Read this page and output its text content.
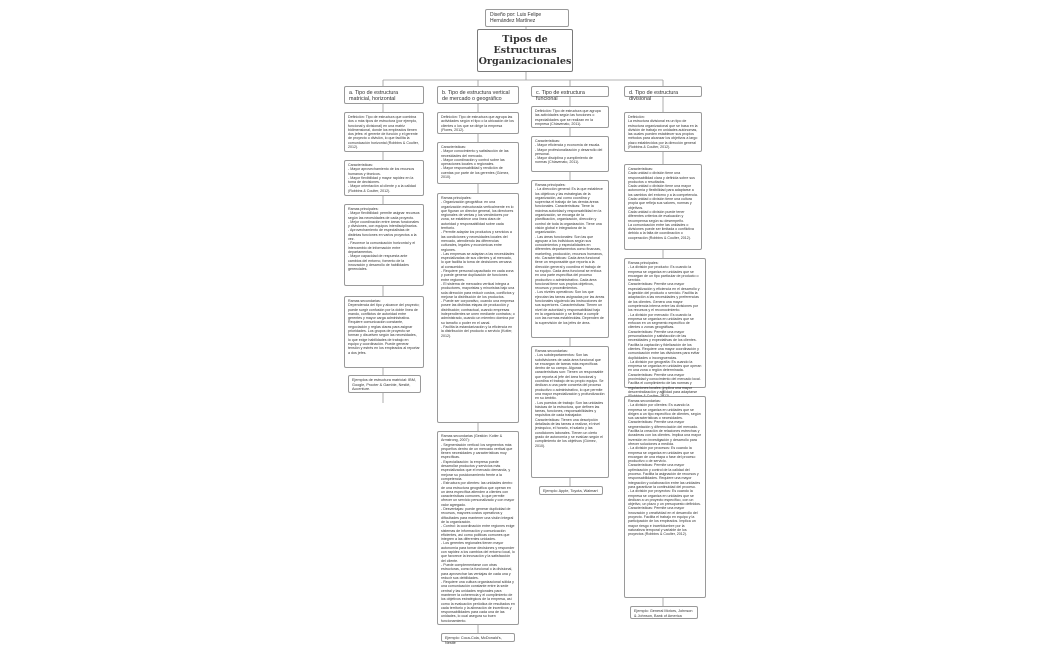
Diseño por: Luis Felipe Hernández Martínez
Tipos de Estructuras Organizacionales
a. Tipo de estructura matricial, horizontal
Definición: Tipo de estructura que combina dos o más tipos de estructura (por ejemplo, funcional y divisional) en una matriz bidimensional, donde los empleados tienen dos jefes: el gerente de función y el gerente de proyecto o división, lo que facilita la comunicación horizontal (Robbins & Coulter, 2012).
Características:
- Mayor aprovechamiento de los recursos humanos y técnicos.
- Mayor flexibilidad y mayor rapidez en la toma de decisiones.
- Mayor orientación al cliente y a la calidad (Robbins & Coulter, 2012).
Ramas principales:
- Mayor flexibilidad: permite asignar recursos según las necesidades de cada proyecto.
- Mejor coordinación entre áreas funcionales y divisiones, con equipos interdisciplinarios.
- Aprovechamiento de especialistas de distintas funciones en varios proyectos a la vez.
- Favorece la comunicación horizontal y el intercambio de información entre departamentos.
- Mayor capacidad de respuesta ante cambios del entorno, fomento de la innovación y desarrollo de habilidades gerenciales.
Ramas secundarias:
Dependencia del tipo y alcance del proyecto; puede surgir confusión por la doble línea de mando, conflictos de autoridad entre gerentes y mayor carga administrativa. Requiere comunicación constante, negociación y reglas claras para asignar prioridades. Los grupos de proyecto se forman y disuelven según las necesidades, lo que exige habilidades de trabajo en equipo y coordinación. Puede generar tensión y estrés en los empleados al reportar a dos jefes.
Ejemplos de estructura matricial: IBM, Google, Procter & Gamble, Nestlé, Accenture.
b. Tipo de estructura vertical de mercado o geográfico
Definición: Tipo de estructura que agrupa las actividades según el tipo o la ubicación de los clientes o los que se dirige la empresa (Fiores, 2012).
Características:
- Mayor conocimiento y satisfacción de las necesidades del mercado.
- Mayor coordinación y control sobre las operaciones locales o regionales.
- Mayor responsabilidad y rendición de cuentas por parte de los gerentes (Gómez, 2010).
Ramas principales:
- Organización geográfica: en una organización estructurada verticalmente en lo que figuran un director general, los directores regionales de ventas y los vendedores por zona, se establece una línea clara de autoridad y responsabilidad sobre cada territorio.
- Permite adaptar los productos y servicios a las condiciones y necesidades locales del mercado, atendiendo las diferencias culturales, legales y económicas entre regiones.
- Las empresas se adaptan a las necesidades especializadas de sus clientes y al mercado, lo que facilita la toma de decisiones cercana al consumidor.
- Requiere personal capacitado en cada zona y puede generar duplicación de funciones entre regiones.
- El sistema de mercadeo vertical integra a productores, mayoristas y minoristas bajo una sola dirección para reducir costos, conflictos y mejorar la distribución de los productos.
- Puede ser corporativo, cuando una empresa posee las distintas etapas de producción y distribución; contractual, cuando empresas independientes se unen mediante contratos; o administrado, cuando un miembro domina por su tamaño o poder en el canal.
- Facilita la estandarización y la eficiencia en la distribución del producto o servicio (Kotler, 2012).
Ramas secundarias (Gestión: Kotler & Armstrong, 2007):
- Segmentación vertical: los segmentos más pequeños dentro de un mercado vertical que tienen necesidades y características muy específicas.
- Especialización: la empresa puede desarrollar productos y servicios más especializados que el mercado demanda, y mejorar su posicionamiento frente a la competencia.
- Estructura por clientes: las unidades dentro de una estructura geográfica que operan en un área específica atienden a clientes con características comunes, lo que permite ofrecer un servicio personalizado y con mayor valor agregado.
- Desventajas: puede generar duplicidad de recursos, mayores costos operativos y dificultades para mantener una visión integral de la organización.
- Control: la coordinación entre regiones exige sistemas de información y comunicación eficientes, así como políticas comunes que integren a las diferentes unidades.
- Los gerentes regionales tienen mayor autonomía para tomar decisiones y responder con rapidez a los cambios del entorno local, lo que favorece la innovación y la satisfacción del cliente.
- Puede complementarse con otras estructuras, como la funcional o la divisional, para aprovechar las ventajas de cada una y reducir sus debilidades.
- Requiere una cultura organizacional sólida y una comunicación constante entre la sede central y las unidades regionales para mantener la coherencia y el cumplimiento de los objetivos estratégicos de la empresa, así como la evaluación periódica de resultados en cada territorio y la alineación de incentivos y responsabilidades para cada una de las unidades, lo cual asegura su buen funcionamiento.
Ejemplo: Coca-Cola, McDonald's, Nestlé
c. Tipo de estructura funcional
Definición: Tipo de estructura que agrupa las actividades según las funciones o especialidades que se realizan en la empresa (Chiavenato, 2011).
Características:
- Mayor eficiencia y economía de escala.
- Mayor profesionalización y desarrollo del personal.
- Mayor disciplina y cumplimiento de normas (Chiavenato, 2011).
Ramas principales:
- La dirección general: Es la que establece los objetivos y las estrategias de la organización, así como coordina y supervisa el trabajo de las demás áreas funcionales. Características: Tiene la máxima autoridad y responsabilidad en la organización, se encarga de la planificación, organización, dirección y control de toda la organización. Tiene una visión global e integradora de la organización.
- Las áreas funcionales: Son las que agrupan a los individuos según sus conocimientos y especialidades en diferentes departamentos como finanzas, marketing, producción, recursos humanos, etc. Características: Cada área funcional tiene un responsable que reporta a la dirección general y coordina el trabajo de su equipo. Cada área funcional se enfoca en una parte específica del proceso productivo o administrativo. Cada área funcional tiene sus propios objetivos, recursos y procedimientos.
- Los niveles operativos: Son los que ejecutan las tareas asignadas por las áreas funcionales siguiendo las instrucciones de sus superiores. Características: Tienen un nivel de autoridad y responsabilidad bajo en la organización y se limitan a cumplir con las normas establecidas. Dependen de la supervisión de los jefes de área.
Ramas secundarias:
- Los subdepartamentos: Son las subdivisiones de cada área funcional que se encargan de tareas más específicas dentro de su campo. Algunas características son: Tienen un responsable que reporta al jefe del área funcional y coordina el trabajo de su propio equipo. Se dedican a una parte concreta del proceso productivo o administrativo, lo que permite una mayor especialización y profundización en su ámbito.
- Los puestos de trabajo: Son las unidades básicas de la estructura, que definen las tareas, funciones, responsabilidades y requisitos de cada trabajador. Características: Tienen una descripción detallada de las tareas a realizar, el nivel jerárquico, el horario, el salario y las condiciones laborales. Tienen un cierto grado de autonomía y se evalúan según el cumplimiento de los objetivos (Gómez, 2010).
Ejemplo: Apple, Toyota, Walmart
d. Tipo de estructura divisional
Definición:
La estructura divisional es un tipo de estructura organizacional que se basa en la división de trabajo en unidades autónomas, las cuales pueden establecer sus propios métodos para alcanzar los objetivos a largo plazo establecidos por la dirección general (Robbins & Coulter, 2012).
Características:
Cada unidad o división tiene una responsabilidad clara y definida sobre sus productos o resultados.
Cada unidad o división tiene una mayor autonomía y flexibilidad para adaptarse a los cambios del entorno y a la competencia.
Cada unidad o división tiene una cultura propia que refleja sus valores, normas y objetivos.
Cada unidad o división puede tener diferentes criterios de evaluación y recompensa según su desempeño.
La comunicación entre las unidades o divisiones puede ser limitada o conflictiva debido a la falta de coordinación o cooperación (Robbins & Coulter, 2012).
Ramas principales:
- La división por producto: Es cuando la empresa se organiza en unidades que se encargan de un tipo particular de producto o servicio.
Características: Permite una mayor especialización y eficiencia en el desarrollo y la gestión del producto o servicio. Facilita la adaptación a las necesidades y preferencias de los clientes. Genera una mayor competencia interna entre las divisiones por los recursos y el reconocimiento.
- La división por mercado: Es cuando la empresa se organiza en unidades que se enfocan en un segmento específico de clientes o zonas geográficas.
Características: Permite una mayor personalización y satisfacción de las necesidades y expectativas de los clientes. Facilita la captación y fidelización de los clientes. Requiere una mayor coordinación y comunicación entre las divisiones para evitar duplicidades o incongruencias.
- La división por geografía: Es cuando la empresa se organiza en unidades que operan en una zona o región determinada. Características: Permite una mayor proximidad y conocimiento del mercado local. Facilita el cumplimiento de las normas y regulaciones locales. Implica una mayor descentralización y agilidad para adaptarse
Ramas secundarias:
- La división por clientes: Es cuando la empresa se organiza en unidades que se dirigen a un tipo específico de clientes, según sus características o necesidades. Características: Permite una mayor segmentación y diferenciación del mercado. Facilita la creación de relaciones estrechas y duraderas con los clientes. Implica una mayor inversión en investigación y desarrollo para ofrecer soluciones a medida.
- La división por procesos: Es cuando la empresa se organiza en unidades que se encargan de una etapa o fase del proceso productivo o de servicio.
Características: Permite una mayor optimización y control de la calidad del proceso. Facilita la asignación de recursos y responsabilidades. Requiere una mayor integración y colaboración entre las unidades para garantizar la continuidad del proceso.
- La división por proyectos: Es cuando la empresa se organiza en unidades que se dedican a un proyecto específico, con un objetivo, un plazo y un presupuesto definidos.
Características: Permite una mayor innovación y creatividad en el desarrollo del proyecto. Facilita el trabajo en equipo y la participación de los empleados. Implica un mayor riesgo e incertidumbre por la naturaleza temporal y variable de los proyectos (Robbins & Coulter, 2012).
Ejemplo: General Motors, Johnson & Johnson, Bank of America
